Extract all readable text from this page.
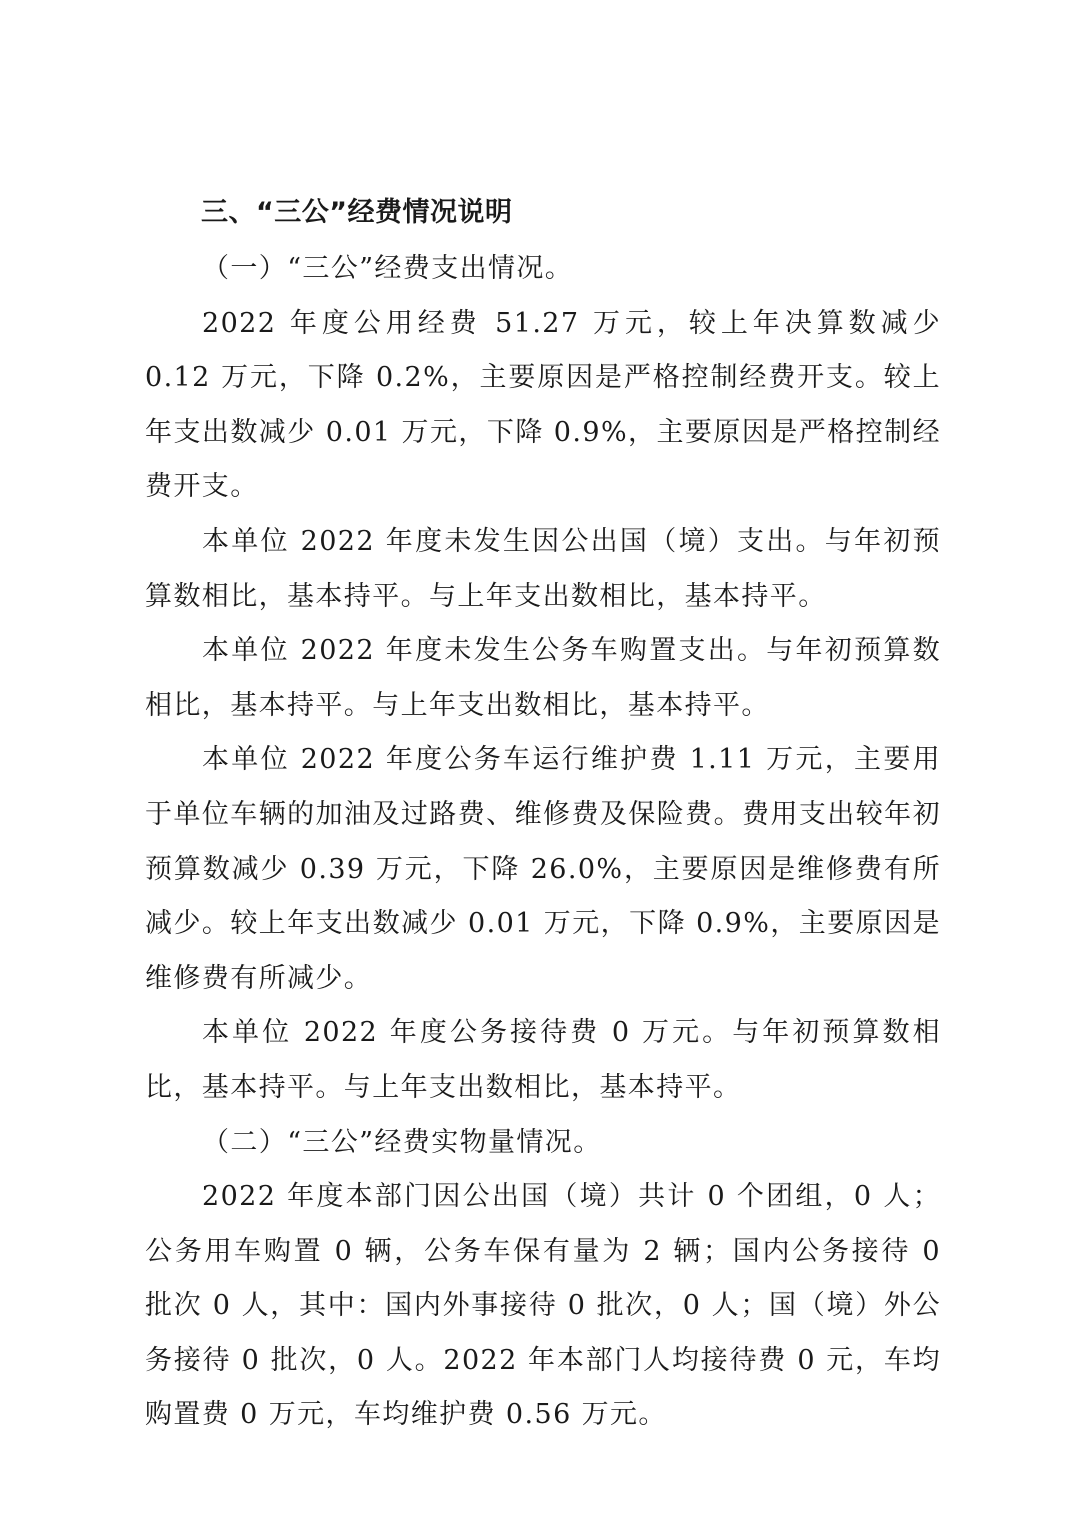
三、“三公”经费情况说明

（一）“三公”经费支出情况。

2022 年度公用经费 51.27 万元，较上年决算数减少 0.12 万元，下降 0.2%，主要原因是严格控制经费开支。较上年支出数减少 0.01 万元，下降 0.9%，主要原因是严格控制经费开支。

本单位 2022 年度未发生因公出国（境）支出。与年初预算数相比，基本持平。与上年支出数相比，基本持平。

本单位 2022 年度未发生公务车购置支出。与年初预算数相比，基本持平。与上年支出数相比，基本持平。

本单位 2022 年度公务车运行维护费 1.11 万元，主要用于单位车辆的加油及过路费、维修费及保险费。费用支出较年初预算数减少 0.39 万元，下降 26.0%，主要原因是维修费有所减少。较上年支出数减少 0.01 万元，下降 0.9%，主要原因是维修费有所减少。

本单位 2022 年度公务接待费 0 万元。与年初预算数相比，基本持平。与上年支出数相比，基本持平。

（二）“三公”经费实物量情况。

2022 年度本部门因公出国（境）共计 0 个团组，0 人；公务用车购置 0 辆，公务车保有量为 2 辆；国内公务接待 0 批次 0 人，其中：国内外事接待 0 批次，0 人；国（境）外公务接待 0 批次，0 人。2022 年本部门人均接待费 0 元，车均购置费 0 万元，车均维护费 0.56 万元。
